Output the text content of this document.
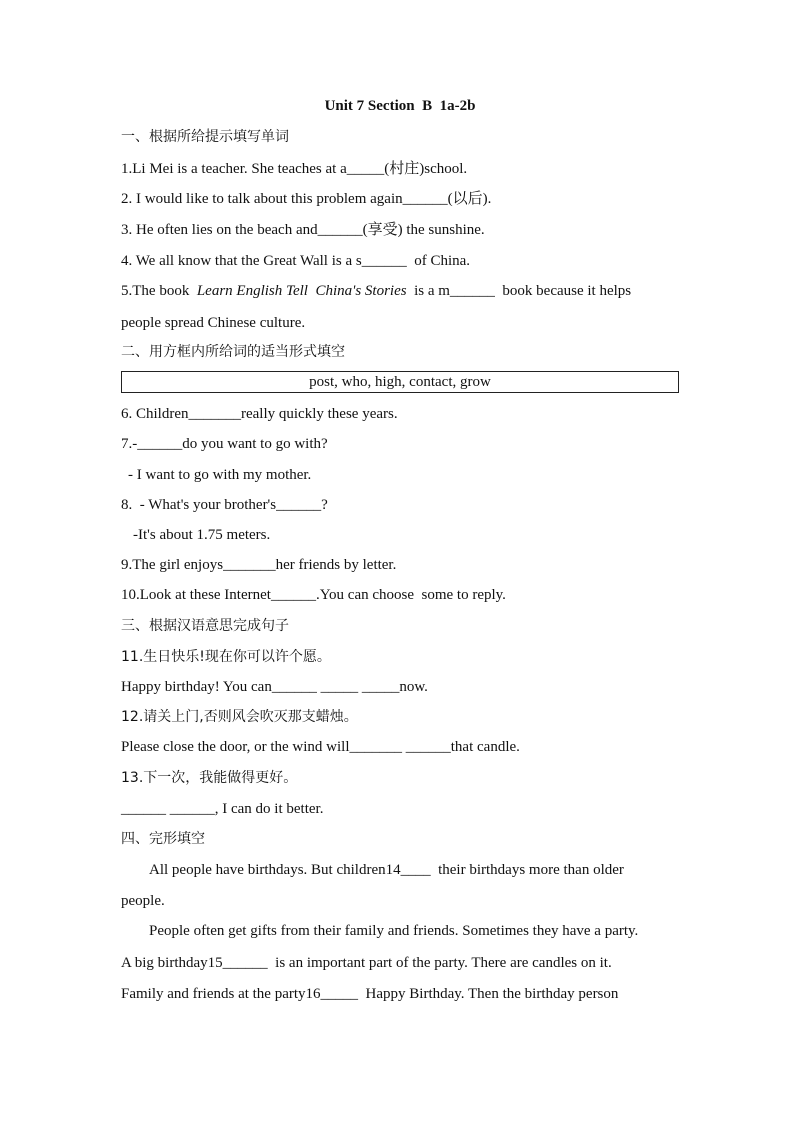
Unit 7 Section  B  1a-2b
一、根据所给提示填写单词
1.Li Mei is a teacher. She teaches at a_____(村庄)school.
2. I would like to talk about this problem again______(以后).
3. He often lies on the beach and______(享受) the sunshine.
4. We all know that the Great Wall is a s______  of China.
5.The book  Learn English Tell  China's Stories  is a m______  book because it helps
people spread Chinese culture.
二、用方框内所给词的适当形式填空
post, who, high, contact, grow
6. Children_______really quickly these years.
7.-______do you want to go with?
- I want to go with my mother.
8.  - What's your brother's______?
-It's about 1.75 meters.
9.The girl enjoys_______her friends by letter.
10.Look at these Internet______.You can choose  some to reply.
三、根据汉语意思完成句子
11.生日快乐!现在你可以许个愿。
Happy birthday! You can______ _____ _____now.
12.请关上门,否则风会吹灭那支蜡烛。
Please close the door, or the wind will_______ ______that candle.
13.下一次，我能做得更好。
______ ______, I can do it better.
四、完形填空
All people have birthdays. But children14____  their birthdays more than older
people.
People often get gifts from their family and friends. Sometimes they have a party.
A big birthday15______  is an important part of the party. There are candles on it.
Family and friends at the party16_____  Happy Birthday. Then the birthday person
